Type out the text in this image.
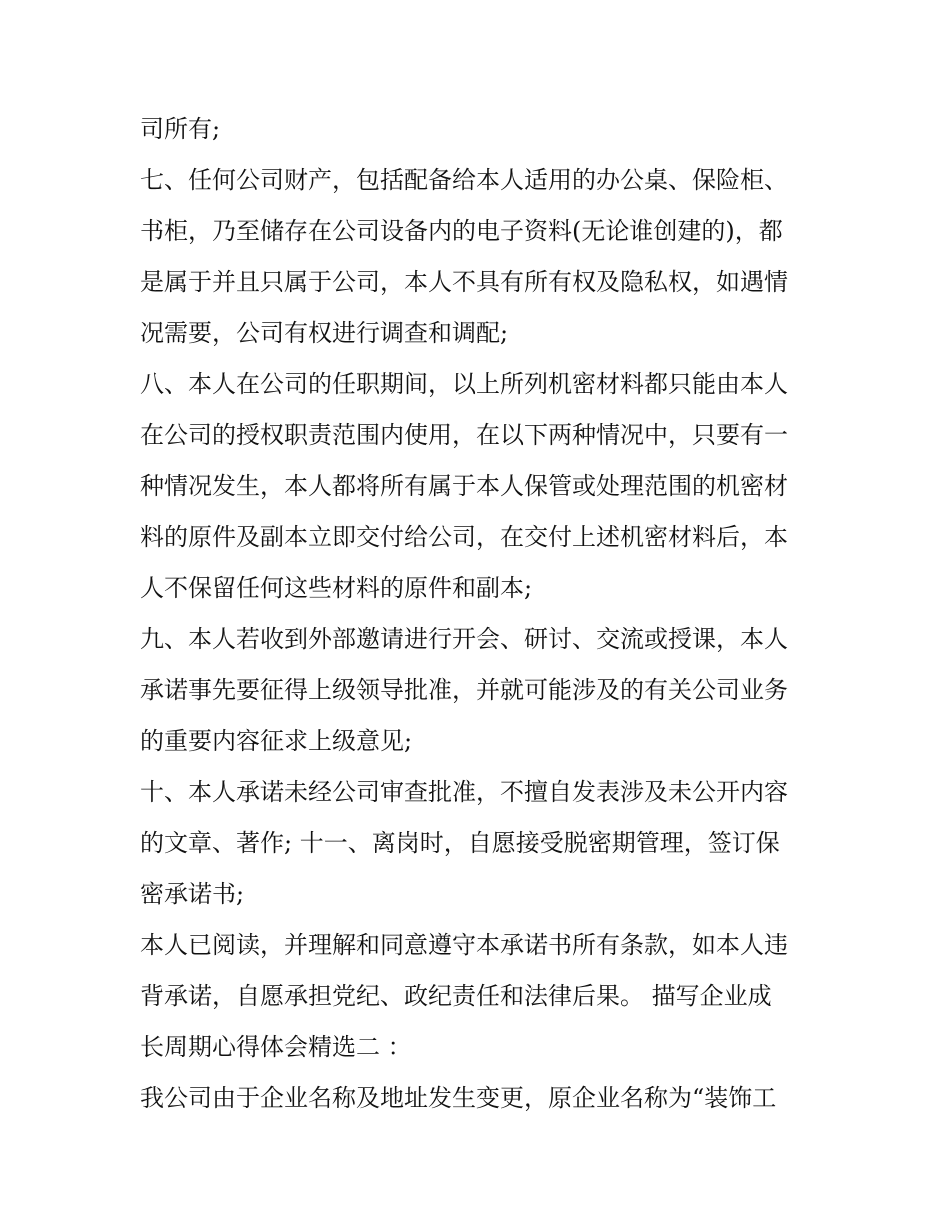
司所有;
七、任何公司财产，包括配备给本人适用的办公桌、保险柜、
书柜，乃至储存在公司设备内的电子资料(无论谁创建的)，都
是属于并且只属于公司，本人不具有所有权及隐私权，如遇情
况需要，公司有权进行调查和调配;
八、本人在公司的任职期间，以上所列机密材料都只能由本人
在公司的授权职责范围内使用，在以下两种情况中，只要有一
种情况发生，本人都将所有属于本人保管或处理范围的机密材
料的原件及副本立即交付给公司，在交付上述机密材料后，本
人不保留任何这些材料的原件和副本;
九、本人若收到外部邀请进行开会、研讨、交流或授课，本人
承诺事先要征得上级领导批准，并就可能涉及的有关公司业务
的重要内容征求上级意见;
十、本人承诺未经公司审查批准，不擅自发表涉及未公开内容
的文章、著作; 十一、离岗时，自愿接受脱密期管理，签订保
密承诺书;
本人已阅读，并理解和同意遵守本承诺书所有条款，如本人违
背承诺，自愿承担党纪、政纪责任和法律后果。 描写企业成
长周期心得体会精选二 ：
我公司由于企业名称及地址发生变更，原企业名称为“装饰工
